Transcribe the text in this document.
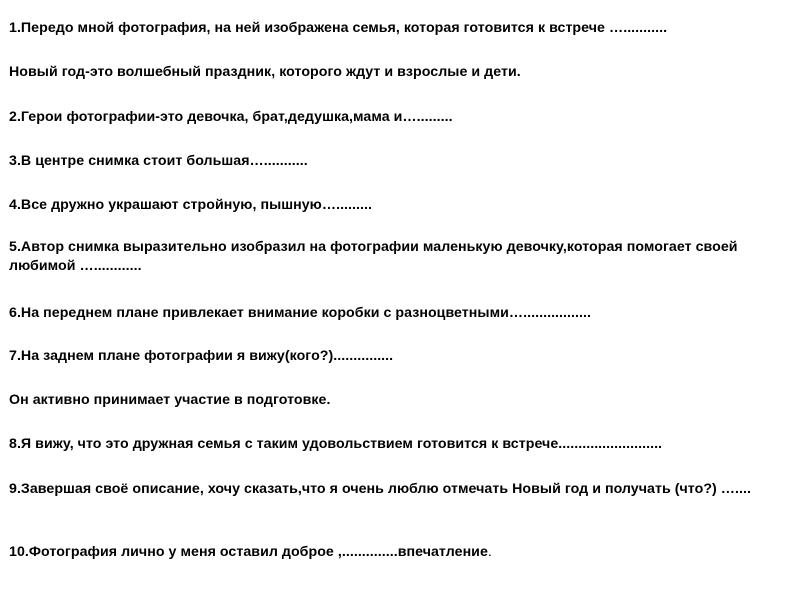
1.Передо мной фотография, на ней изображена семья, которая готовится к встрече …...........
Новый год-это волшебный праздник, которого ждут и взрослые и дети.
2.Герои фотографии-это девочка, брат,дедушка,мама и….........
3.В центре снимка стоит большая…...........
4.Все дружно украшают стройную, пышную….........
5.Автор снимка выразительно изобразил на фотографии маленькую девочку,которая помогает своей любимой …............
6.На переднем плане привлекает внимание коробки с разноцветными….................
7.На заднем плане фотографии я вижу(кого?)...............
Он активно принимает участие в подготовке.
8.Я вижу, что это дружная семья с таким удовольствием готовится к встрече..........................
9.Завершая своё описание, хочу сказать,что я очень люблю отмечать Новый год и получать (что?) …....
10.Фотография лично у меня оставил доброе ,..............впечатление.
